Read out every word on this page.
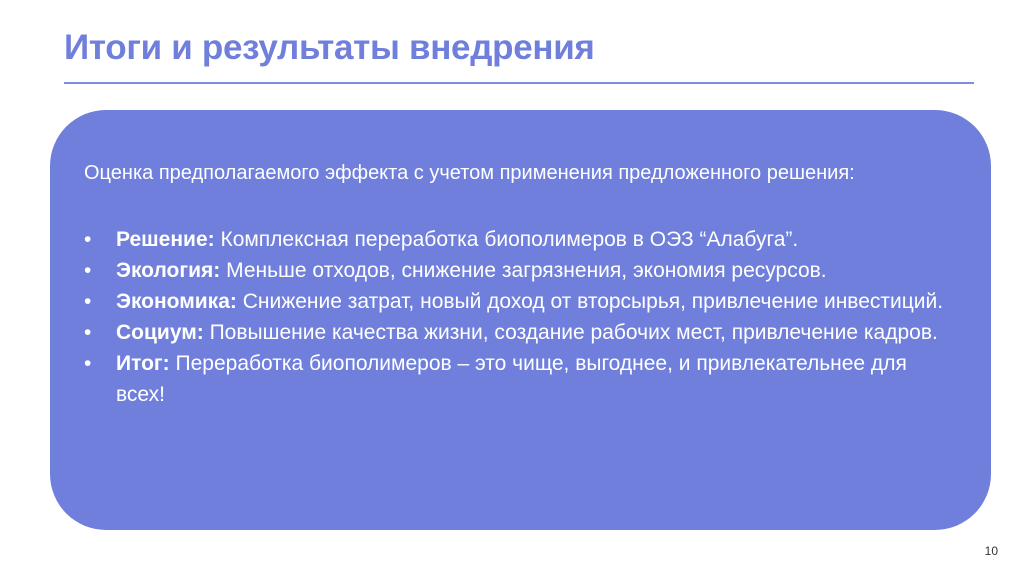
Итоги и результаты внедрения

Оценка предполагаемого эффекта с учетом применения предложенного решения:

• Решение: Комплексная переработка биополимеров в ОЭЗ “Алабуга”.
• Экология: Меньше отходов, снижение загрязнения, экономия ресурсов.
• Экономика: Снижение затрат, новый доход от вторсырья, привлечение инвестиций.
• Социум: Повышение качества жизни, создание рабочих мест, привлечение кадров.
• Итог: Переработка биополимеров – это чище, выгоднее, и привлекательнее для всех!
10
